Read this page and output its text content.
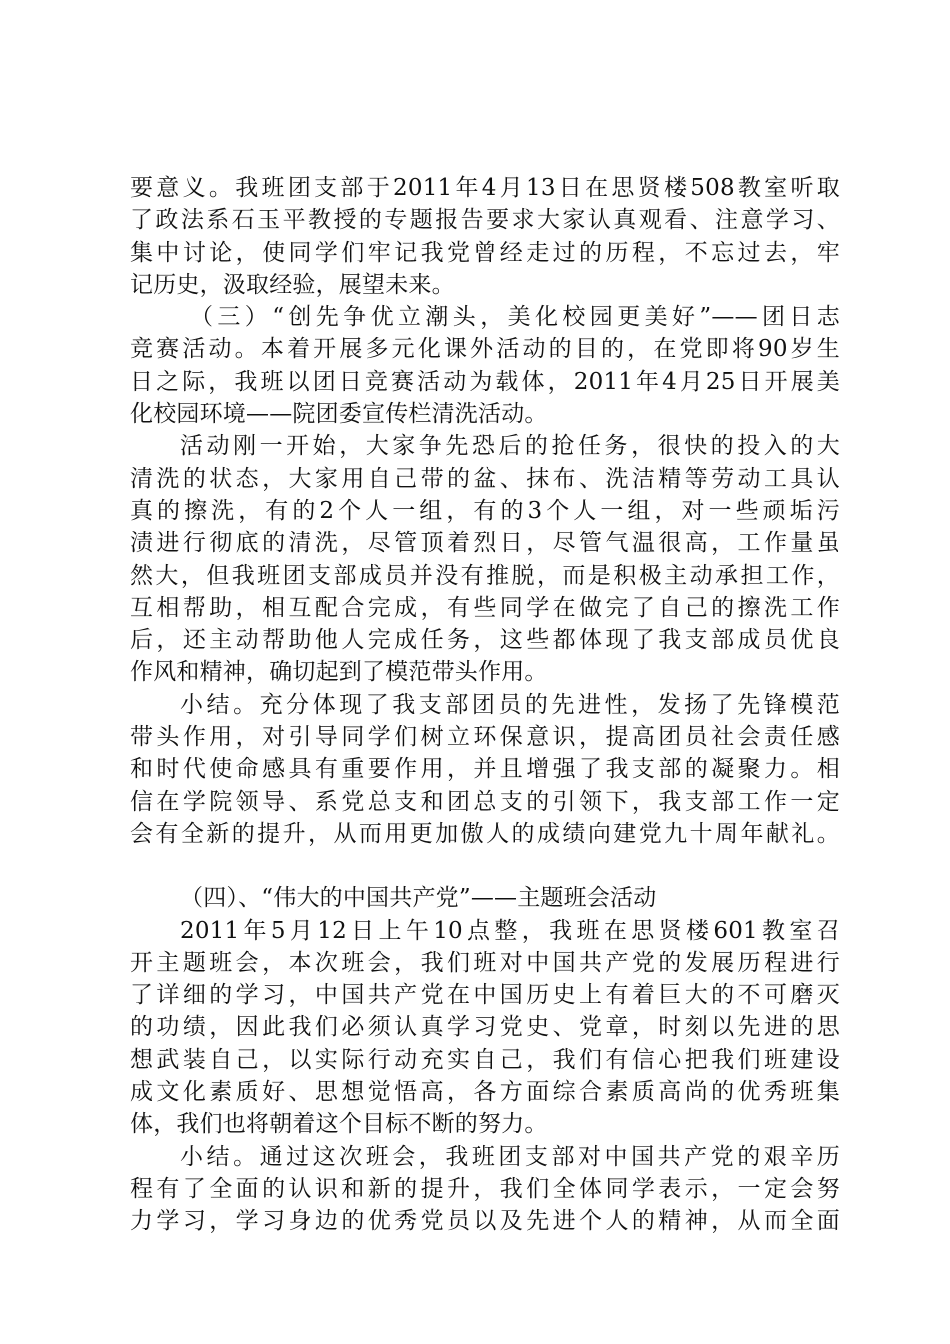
要意义。我班团支部于2011年4月13日在思贤楼508教室听取
了政法系石玉平教授的专题报告要求大家认真观看、注意学习、
集中讨论，使同学们牢记我党曾经走过的历程，不忘过去，牢
记历史，汲取经验，展望未来。
（三）“创先争优立潮头，美化校园更美好”——团日志
竞赛活动。本着开展多元化课外活动的目的，在党即将90岁生
日之际，我班以团日竞赛活动为载体，2011年4月25日开展美
化校园环境——院团委宣传栏清洗活动。
活动刚一开始，大家争先恐后的抢任务，很快的投入的大
清洗的状态，大家用自己带的盆、抹布、洗洁精等劳动工具认
真的擦洗，有的2个人一组，有的3个人一组，对一些顽垢污
渍进行彻底的清洗，尽管顶着烈日，尽管气温很高，工作量虽
然大，但我班团支部成员并没有推脱，而是积极主动承担工作，
互相帮助，相互配合完成，有些同学在做完了自己的擦洗工作
后，还主动帮助他人完成任务，这些都体现了我支部成员优良
作风和精神，确切起到了模范带头作用。
小结。充分体现了我支部团员的先进性，发扬了先锋模范
带头作用，对引导同学们树立环保意识，提高团员社会责任感
和时代使命感具有重要作用，并且增强了我支部的凝聚力。相
信在学院领导、系党总支和团总支的引领下，我支部工作一定
会有全新的提升，从而用更加傲人的成绩向建党九十周年献礼。
（四）、“伟大的中国共产党”——主题班会活动
2011年5月12日上午10点整，我班在思贤楼601教室召
开主题班会，本次班会，我们班对中国共产党的发展历程进行
了详细的学习，中国共产党在中国历史上有着巨大的不可磨灭
的功绩，因此我们必须认真学习党史、党章，时刻以先进的思
想武装自己，以实际行动充实自己，我们有信心把我们班建设
成文化素质好、思想觉悟高，各方面综合素质高尚的优秀班集
体，我们也将朝着这个目标不断的努力。
小结。通过这次班会，我班团支部对中国共产党的艰辛历
程有了全面的认识和新的提升，我们全体同学表示，一定会努
力学习，学习身边的优秀党员以及先进个人的精神，从而全面
